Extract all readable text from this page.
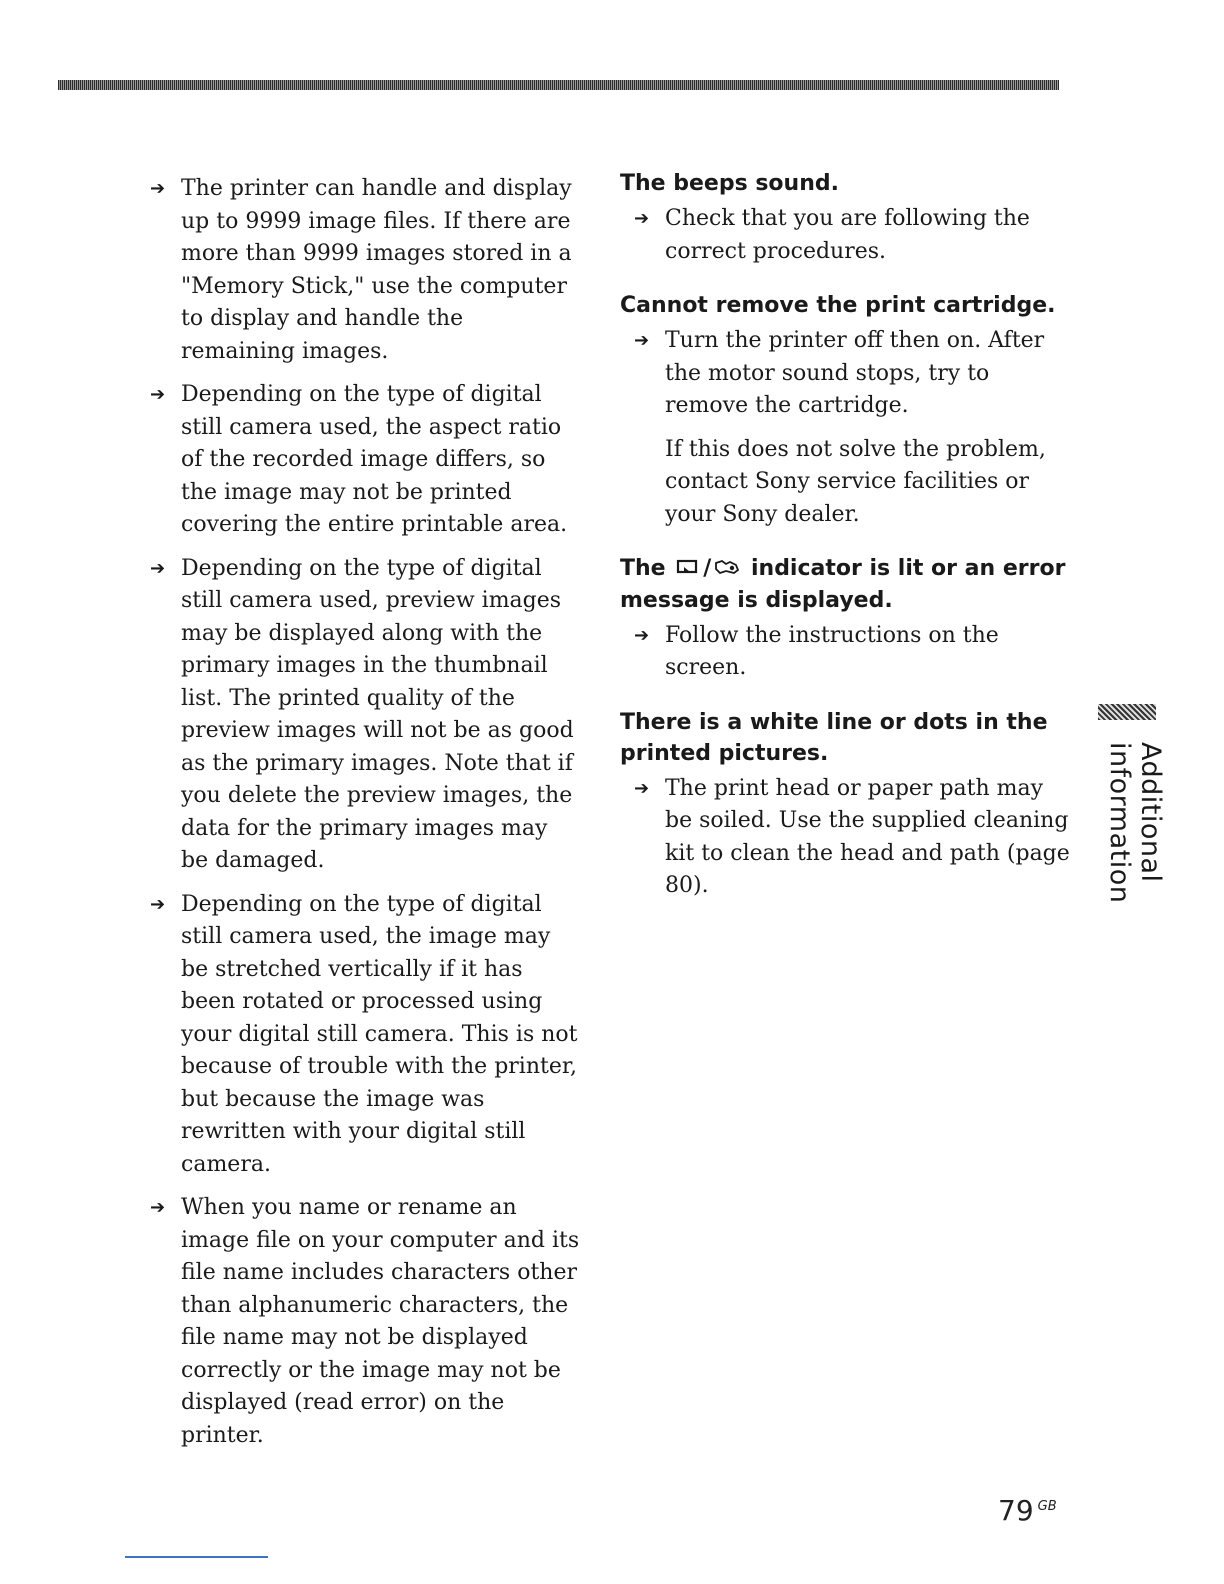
➔ The printer can handle and display up to 9999 image files. If there are more than 9999 images stored in a "Memory Stick," use the computer to display and handle the remaining images.
➔ Depending on the type of digital still camera used, the aspect ratio of the recorded image differs, so the image may not be printed covering the entire printable area.
➔ Depending on the type of digital still camera used, preview images may be displayed along with the primary images in the thumbnail list. The printed quality of the preview images will not be as good as the primary images. Note that if you delete the preview images, the data for the primary images may be damaged.
➔ Depending on the type of digital still camera used, the image may be stretched vertically if it has been rotated or processed using your digital still camera. This is not because of trouble with the printer, but because the image was rewritten with your digital still camera.
➔ When you name or rename an image file on your computer and its file name includes characters other than alphanumeric characters, the file name may not be displayed correctly or the image may not be displayed (read error) on the printer.
The beeps sound.
➔ Check that you are following the correct procedures.
Cannot remove the print cartridge.
➔ Turn the printer off then on. After the motor sound stops, try to remove the cartridge.
If this does not solve the problem, contact Sony service facilities or your Sony dealer.
The / indicator is lit or an error message is displayed.
➔ Follow the instructions on the screen.
There is a white line or dots in the printed pictures.
➔ The print head or paper path may be soiled. Use the supplied cleaning kit to clean the head and path (page 80).
Additional information
79 $^{GB}$
